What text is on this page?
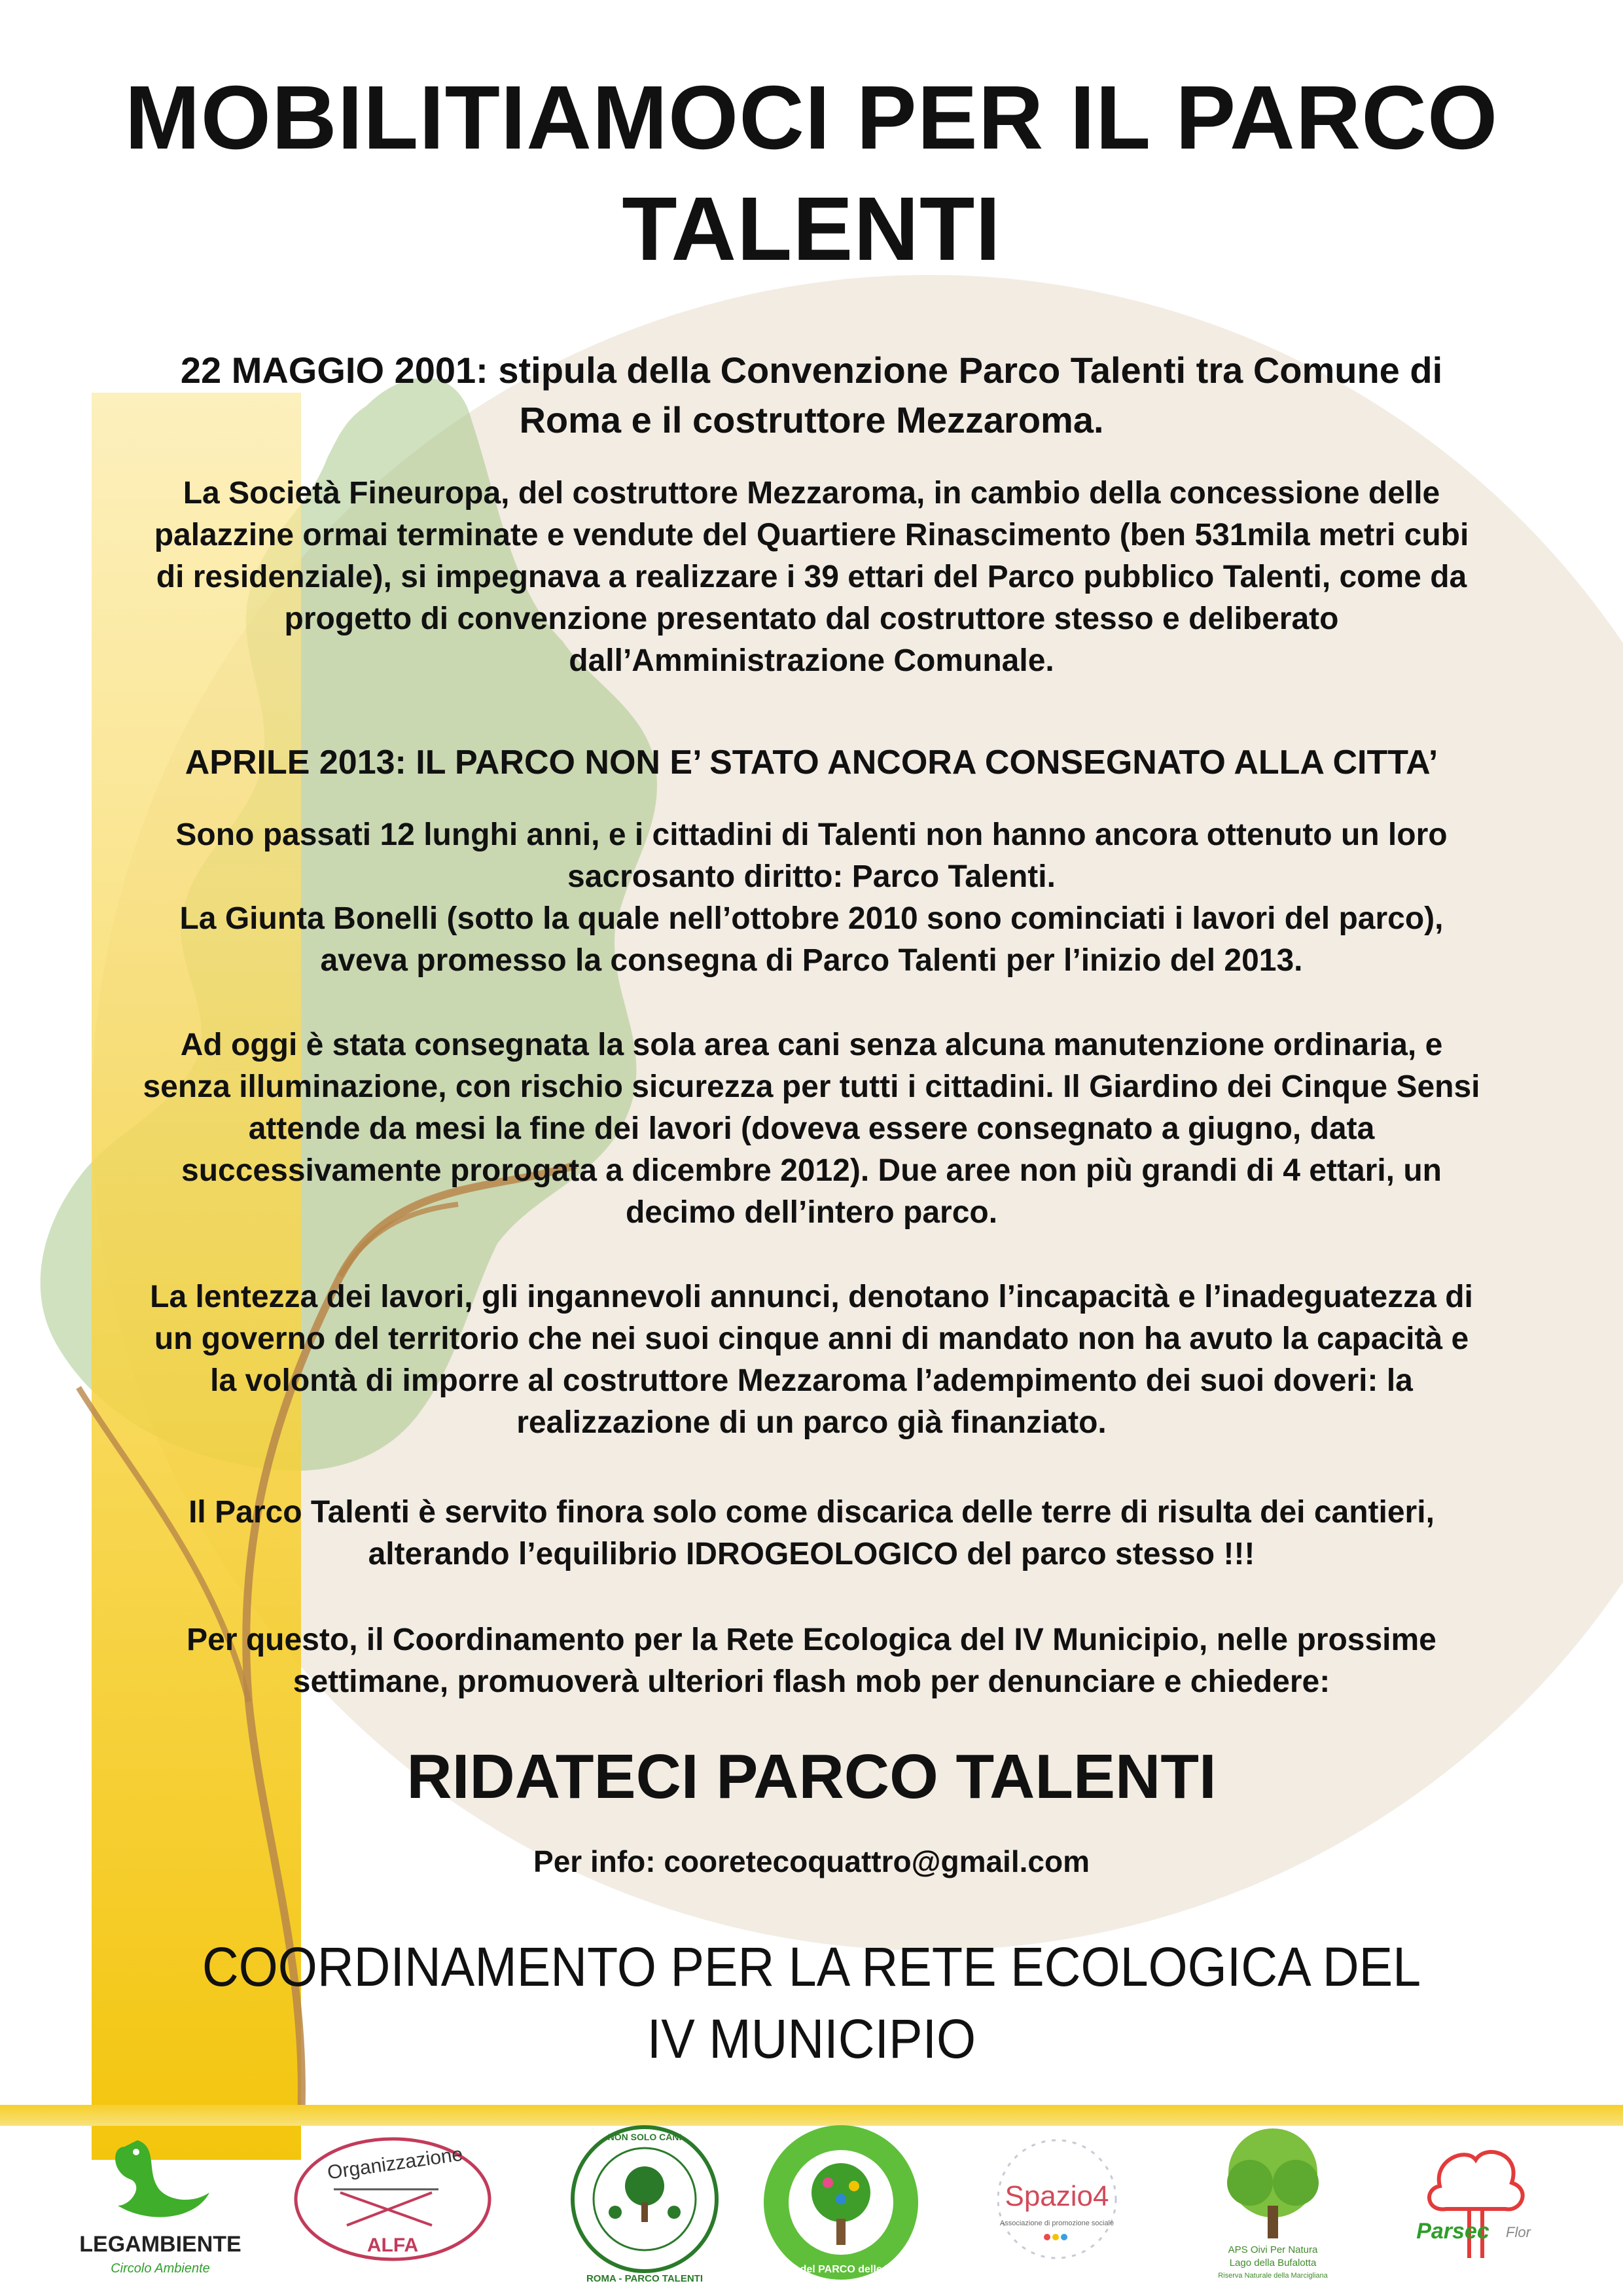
MOBILITIAMOCI PER IL PARCO
TALENTI
22 MAGGIO 2001: stipula della Convenzione Parco Talenti tra Comune di
Roma e il costruttore Mezzaroma.
La Società Fineuropa, del costruttore Mezzaroma, in cambio della concessione delle
palazzine ormai terminate e vendute del Quartiere Rinascimento (ben 531mila metri cubi
di residenziale), si impegnava a realizzare i 39 ettari del Parco pubblico Talenti, come da
progetto di convenzione presentato dal costruttore stesso e deliberato
dall’Amministrazione Comunale.
APRILE 2013: IL PARCO NON E’ STATO ANCORA CONSEGNATO ALLA CITTA’
Sono passati 12 lunghi anni, e i cittadini di Talenti non hanno ancora ottenuto un loro
sacrosanto diritto: Parco Talenti.
La Giunta Bonelli (sotto la quale nell’ottobre 2010 sono cominciati i lavori del parco),
aveva promesso la consegna di Parco Talenti per l’inizio del 2013.
Ad oggi è stata consegnata la sola area cani senza alcuna manutenzione ordinaria, e
senza illuminazione, con rischio sicurezza per tutti i cittadini. Il Giardino dei Cinque Sensi
attende da mesi la fine dei lavori (doveva essere consegnato a giugno, data
successivamente prorogata a dicembre 2012). Due aree non più grandi di 4 ettari, un
decimo dell’intero parco.
La lentezza dei lavori, gli ingannevoli annunci, denotano l’incapacità e l’inadeguatezza di
un governo del territorio che nei suoi cinque anni di mandato non ha avuto la capacità e
la volontà di imporre al costruttore Mezzaroma l’adempimento dei suoi doveri: la
realizzazione di un parco già finanziato.
Il Parco Talenti è servito finora solo come discarica delle terre di risulta dei cantieri,
alterando l’equilibrio IDROGEOLOGICO del parco stesso !!!
Per questo, il Coordinamento per la Rete Ecologica del IV Municipio, nelle prossime
settimane, promuoverà ulteriori flash mob per denunciare e chiedere:
RIDATECI PARCO TALENTI
Per info: cooretecoquattro@gmail.com
COORDINAMENTO PER LA RETE ECOLOGICA DEL
IV MUNICIPIO
LEGAMBIENTE
Circolo Ambiente
Organizzazione
ALFA
NON SOLO CANI
ROMA - PARCO TALENTI
AMICI del PARCO delle VALLI
Spazio4
Associazione di promozione sociale
APS Oivi Per Natura
Lago della Bufalotta
Riserva Naturale della Marcigliana
Parsec Flor
